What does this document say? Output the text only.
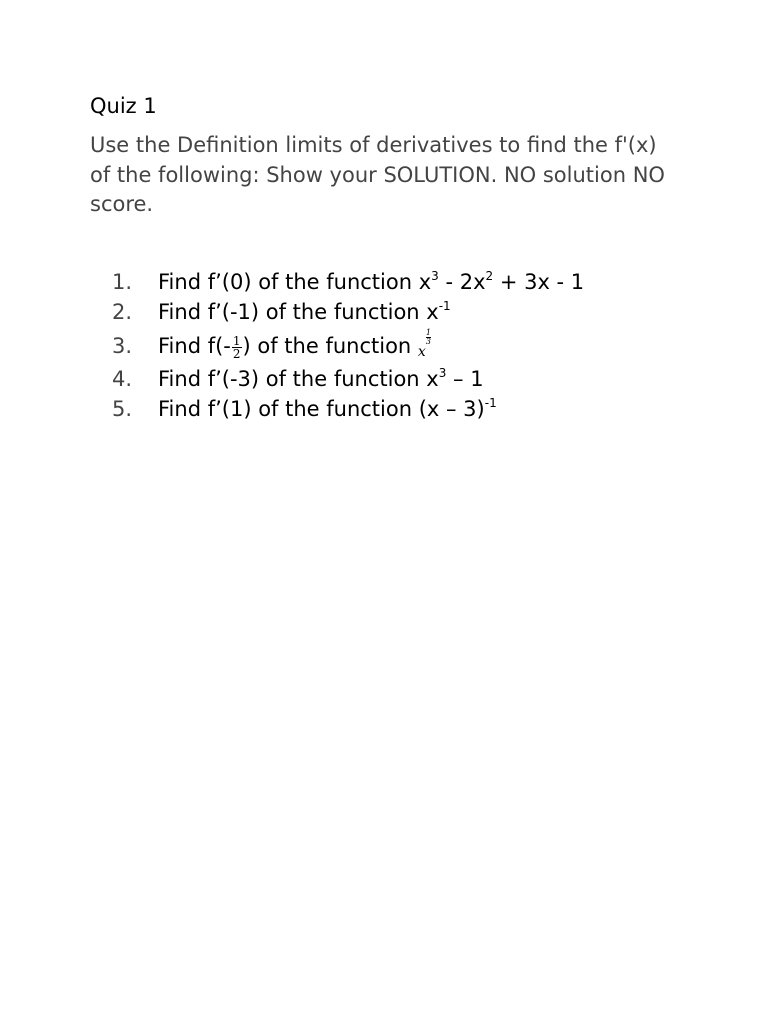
Quiz 1
Use the Definition limits of derivatives to find the f'(x) of the following: Show your SOLUTION. NO solution NO score.
1. Find f’(0) of the function $x^3 - 2x^2 + 3x - 1$
2. Find f’(-1) of the function $x^{-1}$
3. Find $f(- \frac{1}{2}$ ) of the function x
$\frac{1}{3}$
4. Find f’(-3) of the function $x^3 - 1$
5. Find f’(1) of the function (x – 3)$^{-1}$
